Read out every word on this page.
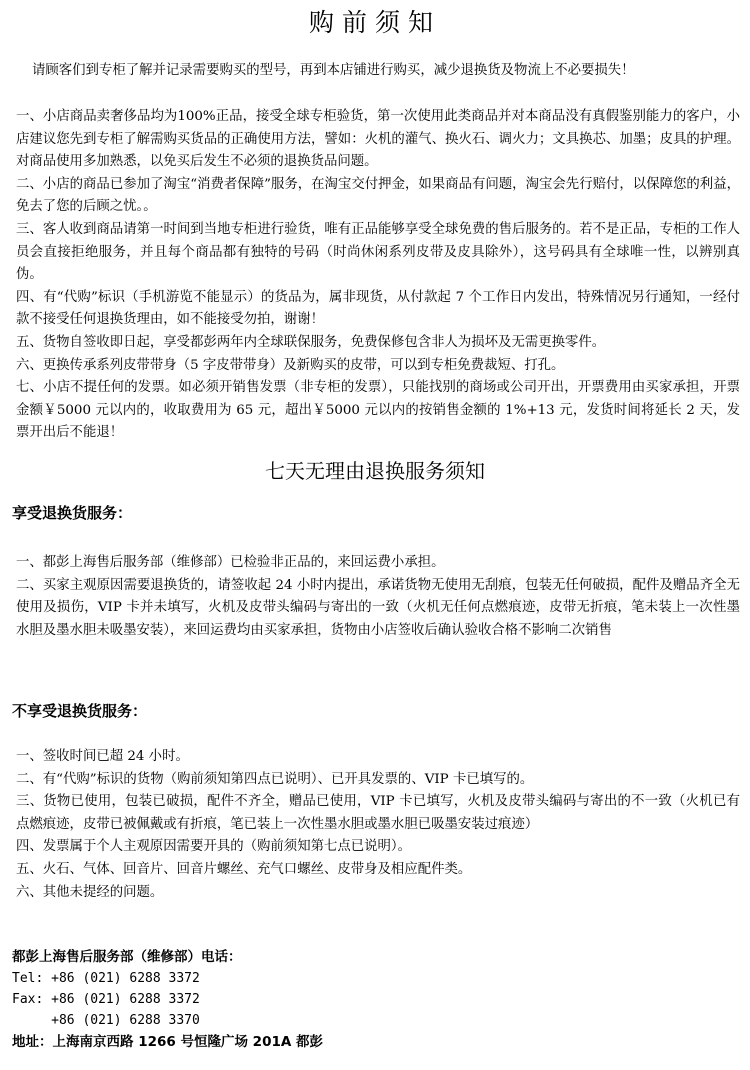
购前须知

请顾客们到专柜了解并记录需要购买的型号，再到本店铺进行购买，减少退换货及物流上不必要损失！

一、小店商品卖奢侈品均为100%正品，接受全球专柜验货，第一次使用此类商品并对本商品没有真假鉴别能力的客户，小店建议您先到专柜了解需购买货品的正确使用方法，譬如：火机的灌气、换火石、调火力；文具换芯、加墨；皮具的护理。对商品使用多加熟悉，以免买后发生不必须的退换货品问题。
二、小店的商品已参加了淘宝“消费者保障”服务，在淘宝交付押金，如果商品有问题，淘宝会先行赔付，以保障您的利益，免去了您的后顾之忧。。
三、客人收到商品请第一时间到当地专柜进行验货，唯有正品能够享受全球免费的售后服务的。若不是正品，专柜的工作人员会直接拒绝服务，并且每个商品都有独特的号码（时尚休闲系列皮带及皮具除外），这号码具有全球唯一性，以辨别真伪。
四、有“代购”标识（手机游览不能显示）的货品为，属非现货，从付款起 7 个工作日内发出，特殊情况另行通知，一经付款不接受任何退换货理由，如不能接受勿拍，谢谢！
五、货物自签收即日起，享受都彭两年内全球联保服务，免费保修包含非人为损坏及无需更换零件。
六、更换传承系列皮带带身（5 字皮带带身）及新购买的皮带，可以到专柜免费裁短、打孔。
七、小店不提任何的发票。如必须开销售发票（非专柜的发票），只能找别的商场或公司开出，开票费用由买家承担，开票金额￥5000 元以内的，收取费用为 65 元，超出￥5000 元以内的按销售金额的 1%+13 元，发货时间将延长 2 天，发票开出后不能退！
七天无理由退换服务须知
享受退换货服务：
一、都彭上海售后服务部（维修部）已检验非正品的，来回运费小承担。
二、买家主观原因需要退换货的，请签收起 24 小时内提出，承诺货物无使用无刮痕，包装无任何破损，配件及赠品齐全无使用及损伤，VIP 卡并未填写，火机及皮带头编码与寄出的一致（火机无任何点燃痕迹，皮带无折痕，笔未装上一次性墨水胆及墨水胆未吸墨安装），来回运费均由买家承担，货物由小店签收后确认验收合格不影响二次销售
不享受退换货服务：
一、签收时间已超 24 小时。
二、有“代购”标识的货物（购前须知第四点已说明）、已开具发票的、VIP 卡已填写的。
三、货物已使用，包装已破损，配件不齐全，赠品已使用，VIP 卡已填写，火机及皮带头编码与寄出的不一致（火机已有点燃痕迹，皮带已被佩戴或有折痕，笔已装上一次性墨水胆或墨水胆已吸墨安装过痕迹）
四、发票属于个人主观原因需要开具的（购前须知第七点已说明）。
五、火石、气体、回音片、回音片螺丝、充气口螺丝、皮带身及相应配件类。
六、其他未提经的问题。
都彭上海售后服务部（维修部）电话：
Tel: +86 (021) 6288 3372
Fax: +86 (021) 6288 3372
+86 (021) 6288 3370
地址：上海南京西路 1266 号恒隆广场 201A 都彭
